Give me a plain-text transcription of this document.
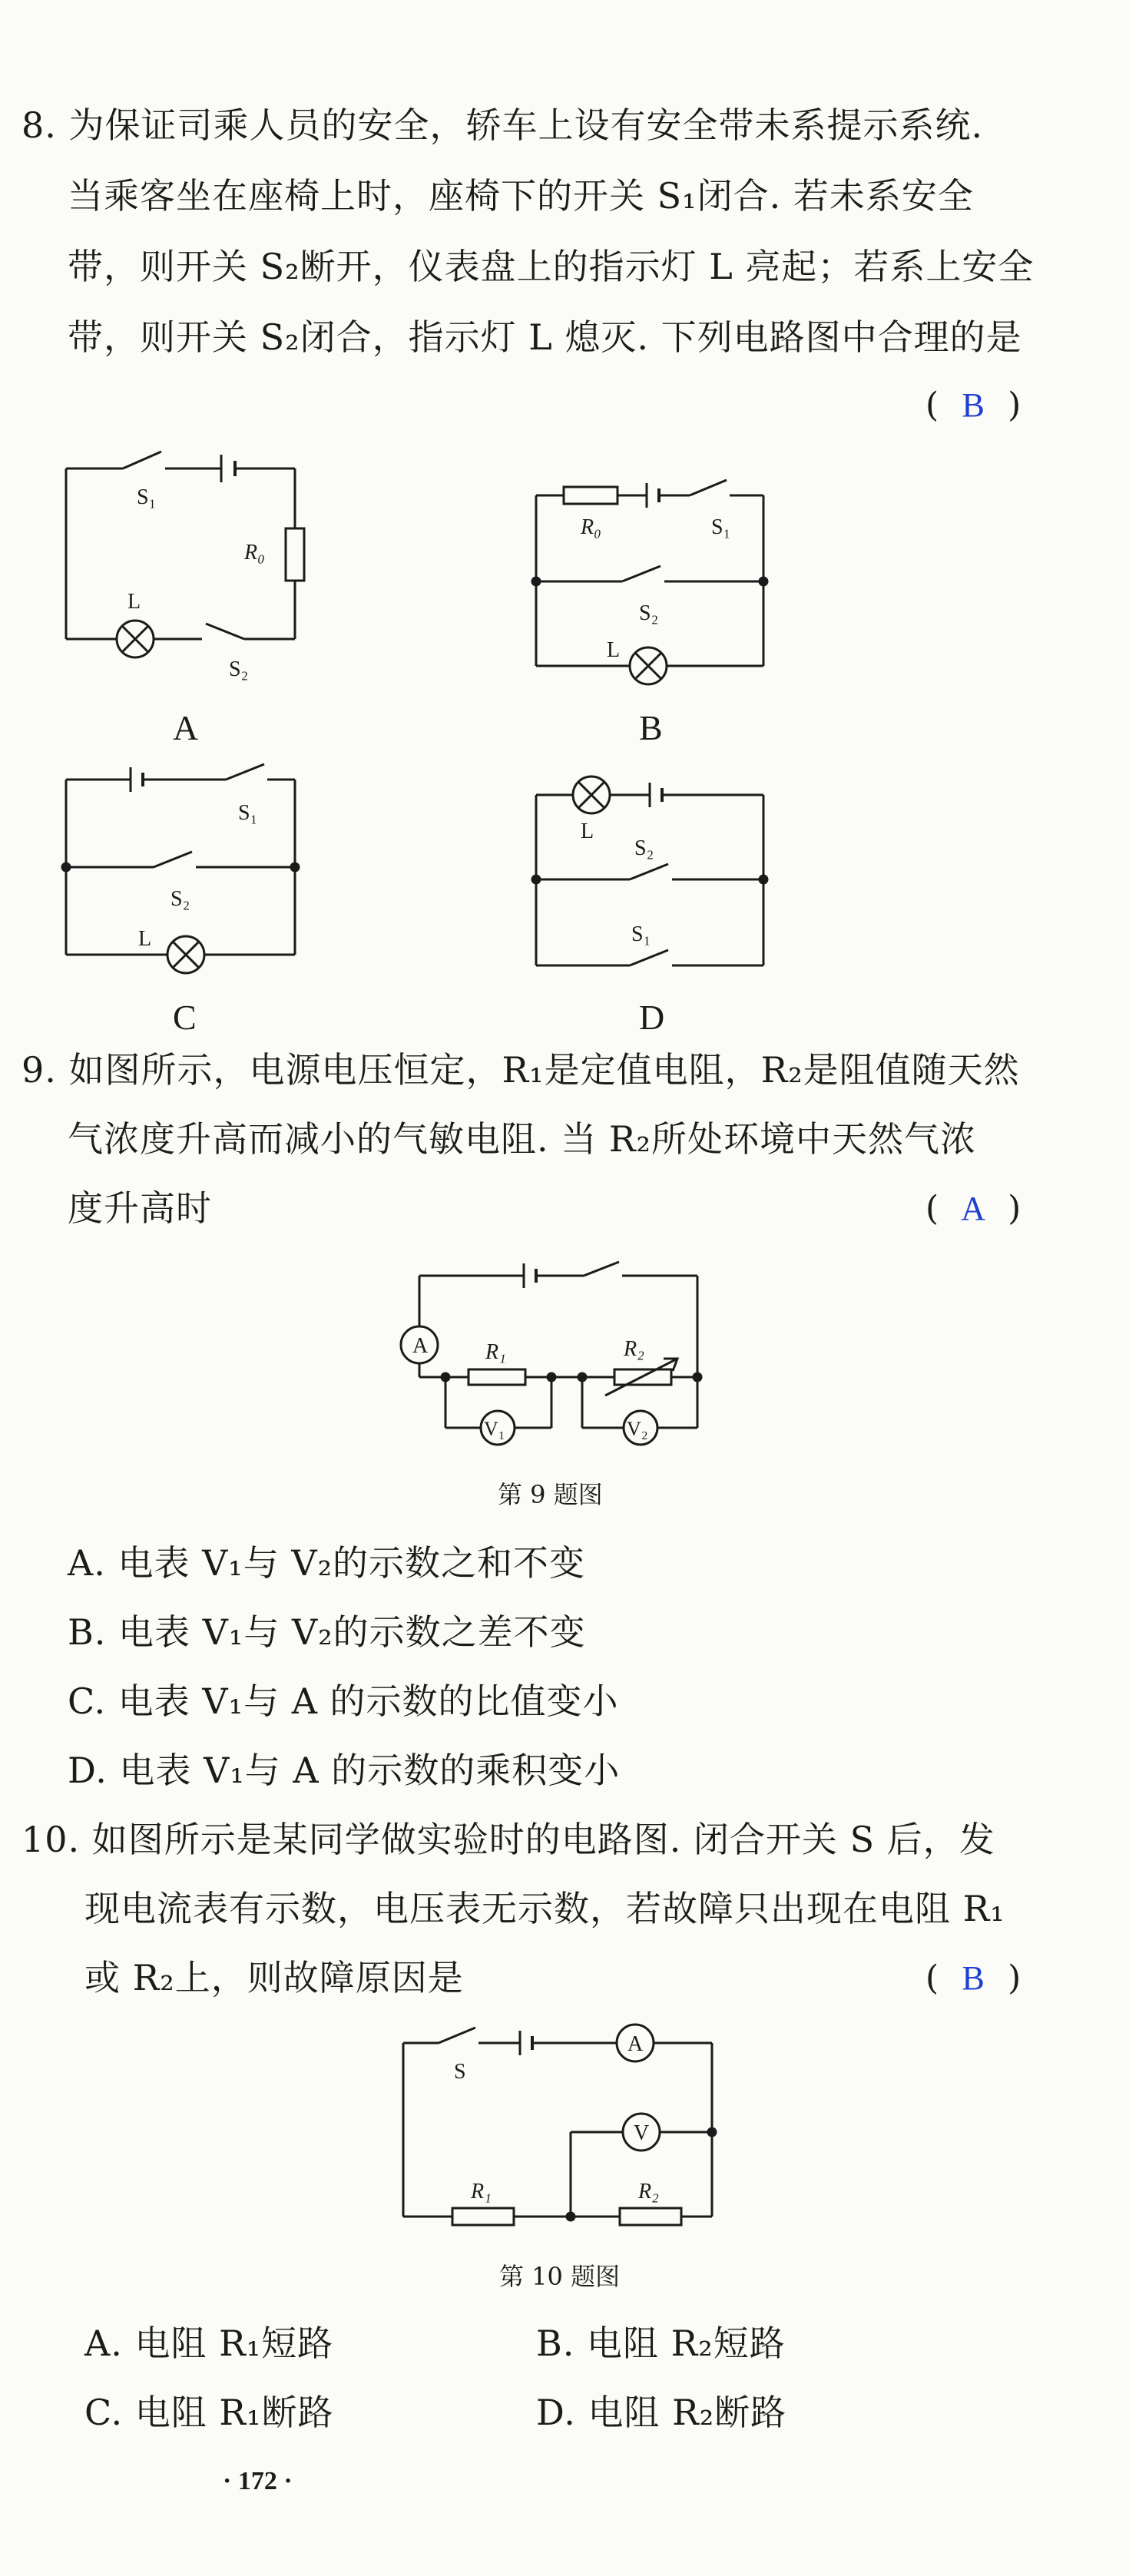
8. 为保证司乘人员的安全，轿车上设有安全带未系提示系统.
当乘客坐在座椅上时，座椅下的开关 S₁闭合. 若未系安全
带，则开关 S₂断开，仪表盘上的指示灯 L 亮起；若系上安全
带，则开关 S₂闭合，指示灯 L 熄灭. 下列电路图中合理的是
( B )
S₁
R₀
L
S₂
A
R₀	S₁
S₂
L
B
S₁
S₂
L
C
L
S₂
S₁
D
9. 如图所示，电源电压恒定，R₁是定值电阻，R₂是阻值随天然
气浓度升高而减小的气敏电阻. 当 R₂所处环境中天然气浓
度升高时	( A )
A	R₁	R₂
V₁	V₂
第 9 题图
A. 电表 V₁与 V₂的示数之和不变
B. 电表 V₁与 V₂的示数之差不变
C. 电表 V₁与 A 的示数的比值变小
D. 电表 V₁与 A 的示数的乘积变小
10. 如图所示是某同学做实验时的电路图. 闭合开关 S 后，发
现电流表有示数，电压表无示数，若故障只出现在电阻 R₁
或 R₂上，则故障原因是	( B )
S
A
V
R₁	R₂
第 10 题图
A. 电阻 R₁短路	B. 电阻 R₂短路
C. 电阻 R₁断路	D. 电阻 R₂断路
· 172 ·
